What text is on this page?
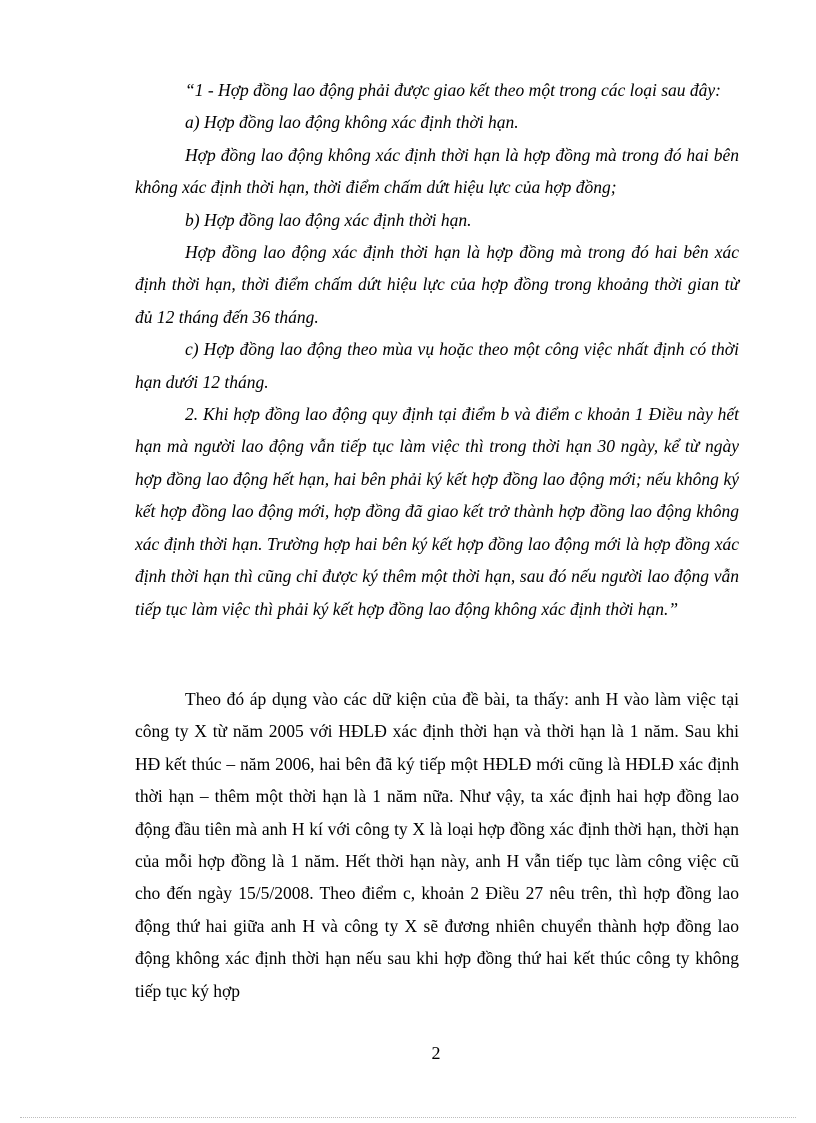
“1 - Hợp đồng lao động phải được giao kết theo một trong các loại sau đây:

a) Hợp đồng lao động không xác định thời hạn.

Hợp đồng lao động không xác định thời hạn là hợp đồng mà trong đó hai bên không xác định thời hạn, thời điểm chấm dứt hiệu lực của hợp đồng;

b) Hợp đồng lao động xác định thời hạn.

Hợp đồng lao động xác định thời hạn là hợp đồng mà trong đó hai bên xác định thời hạn, thời điểm chấm dứt hiệu lực của hợp đồng trong khoảng thời gian từ đủ 12 tháng đến 36 tháng.

c) Hợp đồng lao động theo mùa vụ hoặc theo một công việc nhất định có thời hạn dưới 12 tháng.

2. Khi hợp đồng lao động quy định tại điểm b và điểm c khoản 1 Điều này hết hạn mà người lao động vẫn tiếp tục làm việc thì trong thời hạn 30 ngày, kể từ ngày hợp đồng lao động hết hạn, hai bên phải ký kết hợp đồng lao động mới; nếu không ký kết hợp đồng lao động mới, hợp đồng đã giao kết trở thành hợp đồng lao động không xác định thời hạn. Trường hợp hai bên ký kết hợp đồng lao động mới là hợp đồng xác định thời hạn thì cũng chỉ được ký thêm một thời hạn, sau đó nếu người lao động vẫn tiếp tục làm việc thì phải ký kết hợp đồng lao động không xác định thời hạn.”

Theo đó áp dụng vào các dữ kiện của đề bài, ta thấy: anh H vào làm việc tại công ty X từ năm 2005 với HĐLĐ xác định thời hạn và thời hạn là 1 năm. Sau khi HĐ kết thúc – năm 2006, hai bên đã ký tiếp một HĐLĐ mới cũng là HĐLĐ xác định thời hạn – thêm một thời hạn là 1 năm nữa. Như vậy, ta xác định hai hợp đồng lao động đầu tiên mà anh H kí với công ty X là loại hợp đồng xác định thời hạn, thời hạn của mỗi hợp đồng là 1 năm. Hết thời hạn này, anh H vẫn tiếp tục làm công việc cũ cho đến ngày 15/5/2008. Theo điểm c, khoản 2 Điều 27 nêu trên, thì hợp đồng lao động thứ hai giữa anh H và công ty X sẽ đương nhiên chuyển thành hợp đồng lao động không xác định thời hạn nếu sau khi hợp đồng thứ hai kết thúc công ty không tiếp tục ký hợp

2
